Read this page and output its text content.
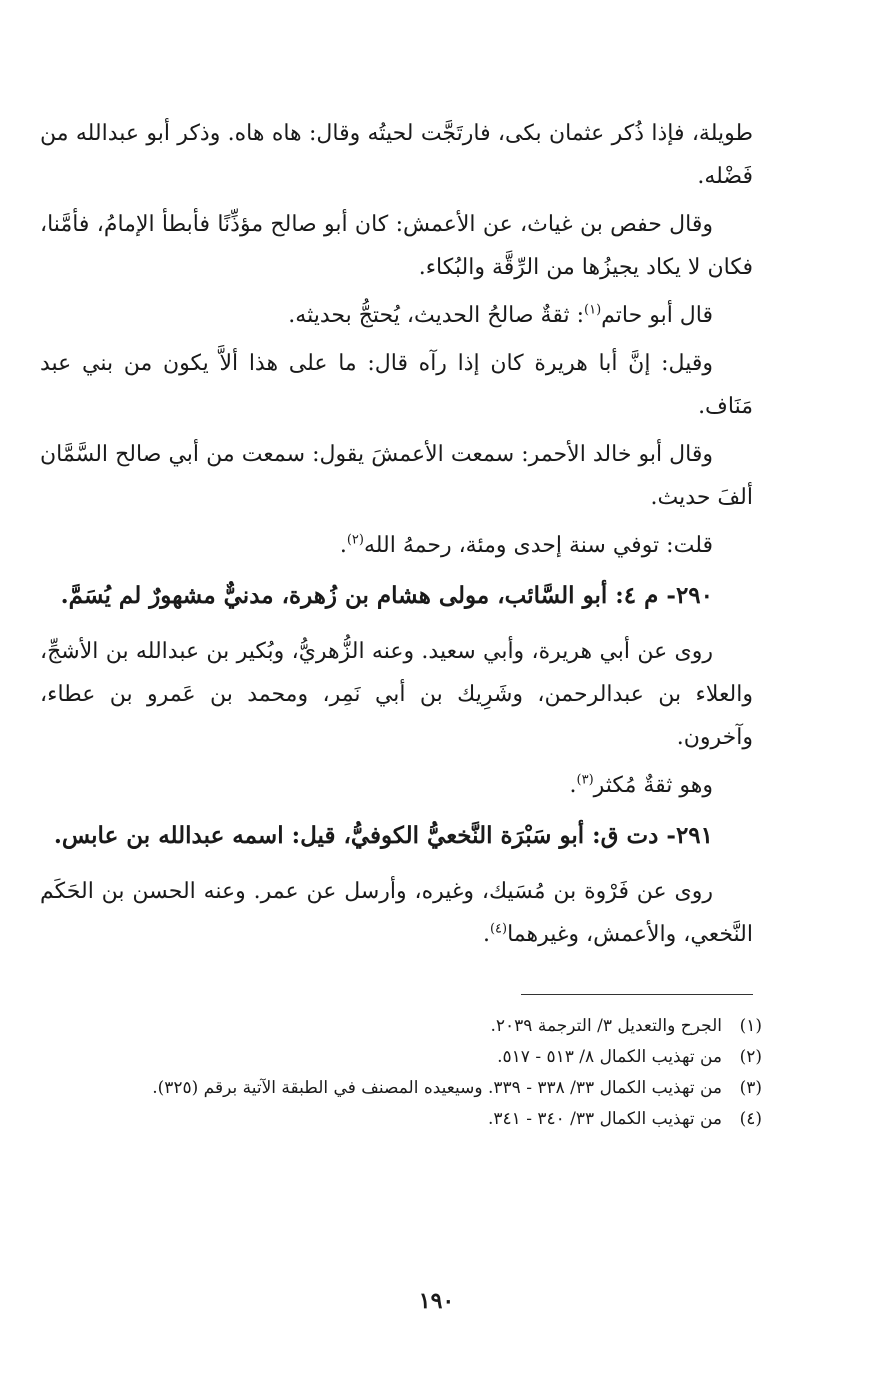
طويلة، فإذا ذُكر عثمان بكى، فارتَجَّت لحيتُه وقال: هاه هاه. وذكر أبو عبدالله من فَضْله.

وقال حفص بن غياث، عن الأعمش: كان أبو صالح مؤذِّنًا فأبطأ الإمامُ، فأمَّنا، فكان لا يكاد يجيزُها من الرِّقَّة والبُكاء.

قال أبو حاتم$^{(١)}$: ثقةٌ صالحُ الحديث، يُحتجُّ بحديثه.

وقيل: إنَّ أبا هريرة كان إذا رآه قال: ما على هذا ألاَّ يكون من بني عبد مَنَاف.

وقال أبو خالد الأحمر: سمعت الأعمشَ يقول: سمعت من أبي صالح السَّمَّان ألفَ حديث.

قلت: توفي سنة إحدى ومئة، رحمهُ الله$^{(٢)}$.

٢٩٠- م ٤: أبو السَّائب، مولى هشام بن زُهرة، مدنيٌّ مشهورٌ لم يُسَمَّ.

روى عن أبي هريرة، وأبي سعيد. وعنه الزُّهريُّ، وبُكير بن عبدالله بن الأشجِّ، والعلاء بن عبدالرحمن، وشَرِيك بن أبي نَمِر، ومحمد بن عَمرو بن عطاء، وآخرون.

وهو ثقةٌ مُكثر$^{(٣)}$.

٢٩١- دت ق: أبو سَبْرَة النَّخعيُّ الكوفيُّ، قيل: اسمه عبدالله بن عابس.

روى عن فَرْوة بن مُسَيك، وغيره، وأرسل عن عمر. وعنه الحسن بن الحَكَم النَّخعي، والأعمش، وغيرهما$^{(٤)}$.

(١)
الجرح والتعديل ٣/ الترجمة ٢٠٣٩.
(٢)
من تهذيب الكمال ٨/ ٥١٣ - ٥١٧.
(٣)
من تهذيب الكمال ٣٣/ ٣٣٨ - ٣٣٩. وسيعيده المصنف في الطبقة الآتية برقم (٣٢٥).
(٤)
من تهذيب الكمال ٣٣/ ٣٤٠ - ٣٤١.
١٩٠
